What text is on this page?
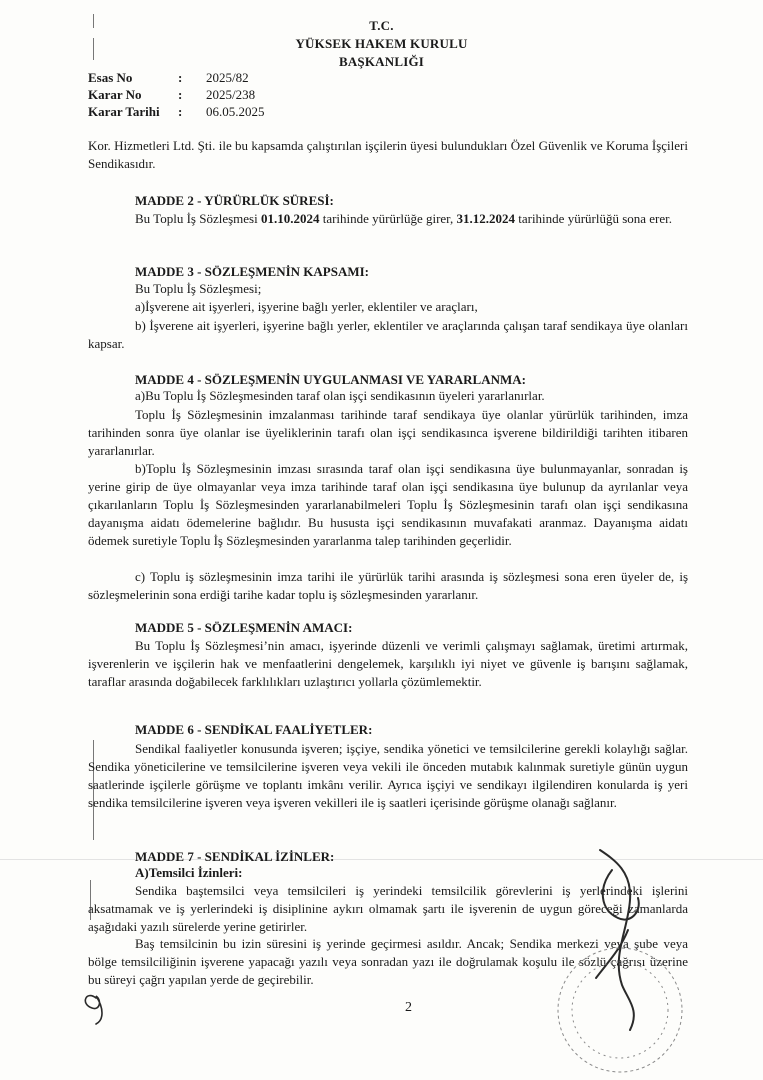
T.C.
YÜKSEK HAKEM KURULU
BAŞKANLIĞI
Esas No	: 2025/82
Karar No	: 2025/238
Karar Tarihi : 06.05.2025
Kor. Hizmetleri Ltd. Şti. ile bu kapsamda çalıştırılan işçilerin üyesi bulundukları Özel Güvenlik ve Koruma İşçileri Sendikasıdır.
MADDE 2 - YÜRÜRLÜK SÜRESİ:
Bu Toplu İş Sözleşmesi 01.10.2024 tarihinde yürürlüğe girer, 31.12.2024 tarihinde yürürlüğü sona erer.
MADDE 3 - SÖZLEŞMENİN KAPSAMI:
Bu Toplu İş Sözleşmesi;
a)İşverene ait işyerleri, işyerine bağlı yerler, eklentiler ve araçları,
b) İşverene ait işyerleri, işyerine bağlı yerler, eklentiler ve araçlarında çalışan taraf sendikaya üye olanları kapsar.
MADDE 4 - SÖZLEŞMENİN UYGULANMASI VE YARARLANMA:
a)Bu Toplu İş Sözleşmesinden taraf olan işçi sendikasının üyeleri yararlanırlar.
Toplu İş Sözleşmesinin imzalanması tarihinde taraf sendikaya üye olanlar yürürlük tarihinden, imza tarihinden sonra üye olanlar ise üyeliklerinin tarafı olan işçi sendikasınca işverene bildirildiği tarihten itibaren yararlanırlar.
b)Toplu İş Sözleşmesinin imzası sırasında taraf olan işçi sendikasına üye bulunmayanlar, sonradan iş yerine girip de üye olmayanlar veya imza tarihinde taraf olan işçi sendikasına üye bulunup da ayrılanlar veya çıkarılanların Toplu İş Sözleşmesinden yararlanabilmeleri Toplu İş Sözleşmesinin tarafı olan işçi sendikasına dayanışma aidatı ödemelerine bağlıdır. Bu hususta işçi sendikasının muvafakati aranmaz. Dayanışma aidatı ödemek suretiyle Toplu İş Sözleşmesinden yararlanma talep tarihinden geçerlidir.
c) Toplu iş sözleşmesinin imza tarihi ile yürürlük tarihi arasında iş sözleşmesi sona eren üyeler de, iş sözleşmelerinin sona erdiği tarihe kadar toplu iş sözleşmesinden yararlanır.
MADDE 5 - SÖZLEŞMENİN AMACI:
Bu Toplu İş Sözleşmesi’nin amacı, işyerinde düzenli ve verimli çalışmayı sağlamak, üretimi artırmak, işverenlerin ve işçilerin hak ve menfaatlerini dengelemek, karşılıklı iyi niyet ve güvenle iş barışını sağlamak, taraflar arasında doğabilecek farklılıkları uzlaştırıcı yollarla çözümlemektir.
MADDE 6 - SENDİKAL FAALİYETLER:
Sendikal faaliyetler konusunda işveren; işçiye, sendika yönetici ve temsilcilerine gerekli kolaylığı sağlar. Sendika yöneticilerine ve temsilcilerine işveren veya vekili ile önceden mutabık kalınmak suretiyle günün uygun saatlerinde işçilerle görüşme ve toplantı imkânı verilir. Ayrıca işçiyi ve sendikayı ilgilendiren konularda iş yeri sendika temsilcilerine işveren veya işveren vekilleri ile iş saatleri içerisinde görüşme olanağı sağlanır.
MADDE 7 - SENDİKAL İZİNLER:
A)Temsilci İzinleri:
Sendika baştemsilci veya temsilcileri iş yerindeki temsilcilik görevlerini iş yerlerindeki işlerini aksatmamak ve iş yerlerindeki iş disiplinine aykırı olmamak şartı ile işverenin de uygun göreceği zamanlarda aşağıdaki yazılı sürelerde yerine getirirler.
Baş temsilcinin bu izin süresini iş yerinde geçirmesi asıldır. Ancak; Sendika merkezi veya şube veya bölge temsilciliğinin işverene yapacağı yazılı veya sonradan yazı ile doğrulamak koşulu ile sözlü çağrısı üzerine bu süreyi çağrı yapılan yerde de geçirebilir.
2
